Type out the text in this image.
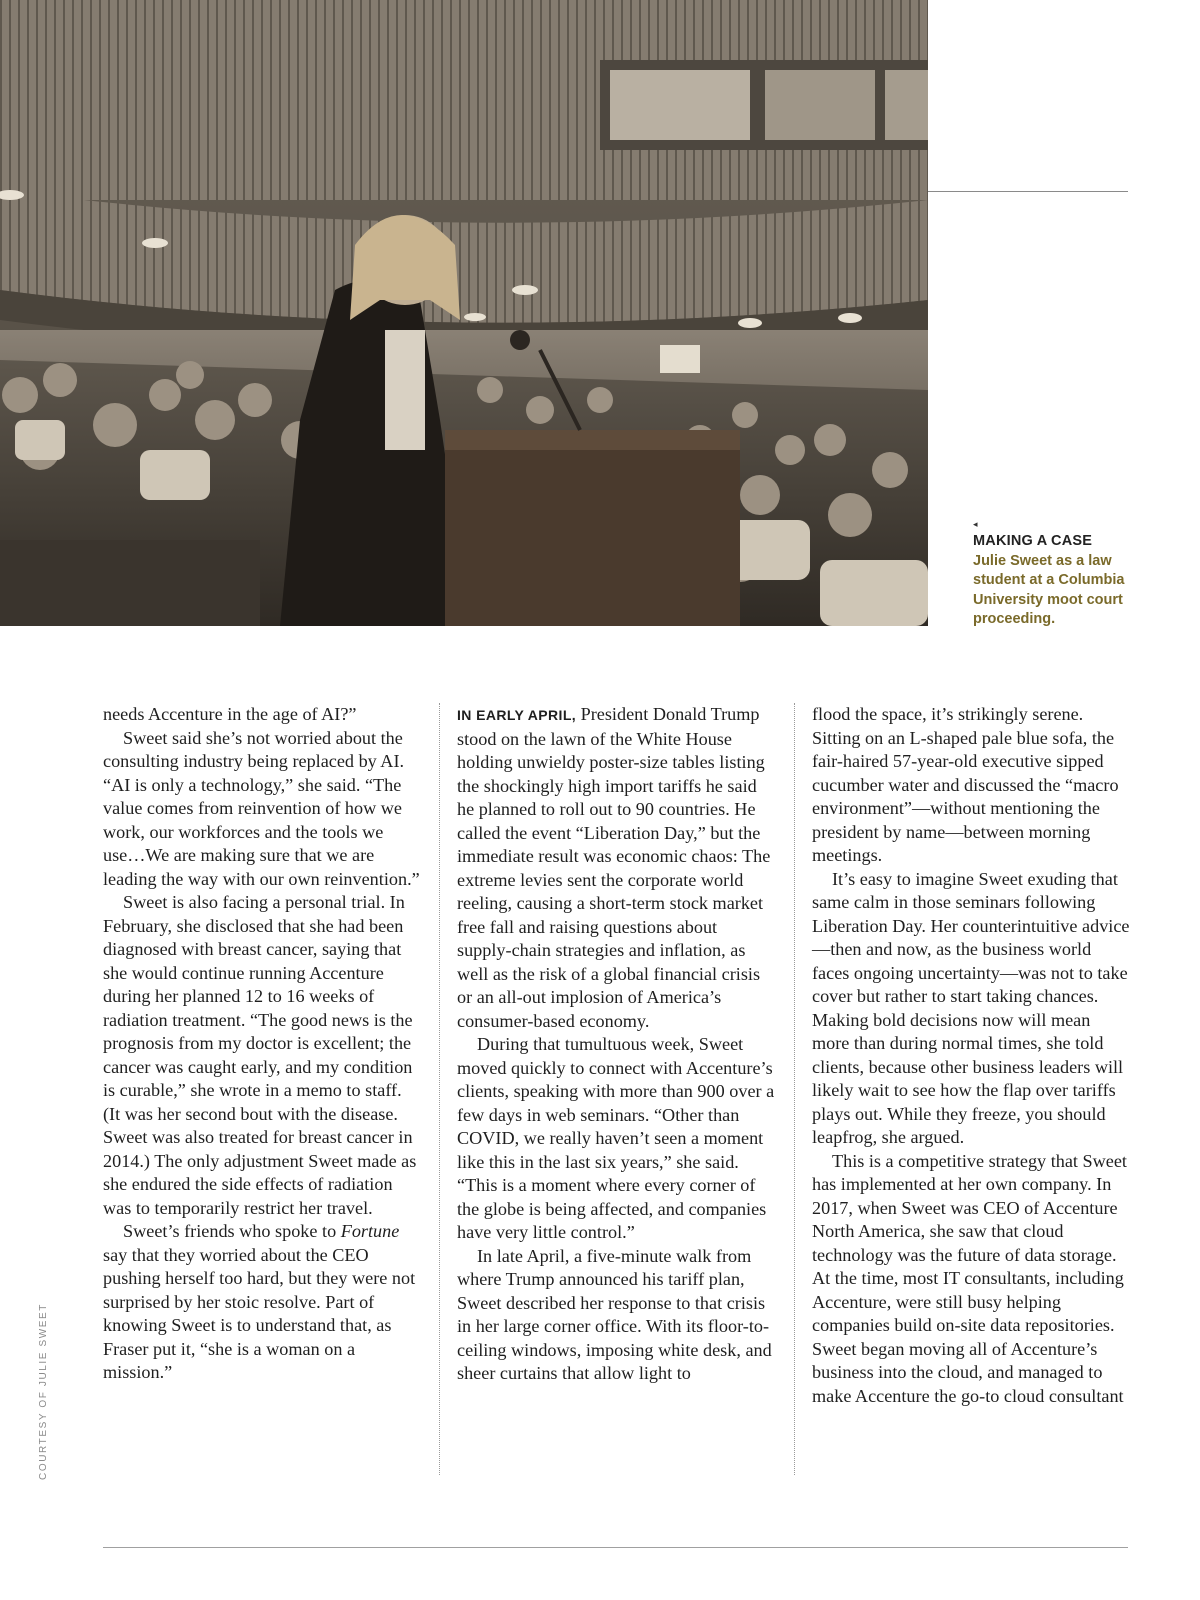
◂
MAKING A CASE
Julie Sweet as a law student at a Columbia University moot court proceeding.
COURTESY OF JULIE SWEET

needs Accenture in the age of AI?”

Sweet said she’s not worried about the consulting industry being replaced by AI. “AI is only a technology,” she said. “The value comes from reinvention of how we work, our workforces and the tools we use…We are making sure that we are leading the way with our own reinvention.”

Sweet is also facing a personal trial. In February, she disclosed that she had been diagnosed with breast cancer, saying that she would continue running Accenture during her planned 12 to 16 weeks of radiation treatment. “The good news is the prognosis from my doctor is excellent; the cancer was caught early, and my condition is curable,” she wrote in a memo to staff. (It was her second bout with the disease. Sweet was also treated for breast cancer in 2014.) The only adjustment Sweet made as she endured the side effects of radiation was to temporarily restrict her travel.

Sweet’s friends who spoke to Fortune say that they worried about the CEO pushing herself too hard, but they were not surprised by her stoic resolve. Part of knowing Sweet is to understand that, as Fraser put it, “she is a woman on a mission.”

IN EARLY APRIL, President Donald Trump stood on the lawn of the White House holding unwieldy poster-size tables listing the shockingly high import tariffs he said he planned to roll out to 90 countries. He called the event “Liberation Day,” but the immediate result was economic chaos: The extreme levies sent the corporate world reeling, causing a short-term stock market free fall and raising questions about supply-chain strategies and inflation, as well as the risk of a global financial crisis or an all-out implosion of America’s consumer-based economy.

During that tumultuous week, Sweet moved quickly to connect with Accenture’s clients, speaking with more than 900 over a few days in web seminars. “Other than COVID, we really haven’t seen a moment like this in the last six years,” she said. “This is a moment where every corner of the globe is being affected, and companies have very little control.”

In late April, a five-minute walk from where Trump announced his tariff plan, Sweet described her response to that crisis in her large corner office. With its floor-to-ceiling windows, imposing white desk, and sheer curtains that allow light to

flood the space, it’s strikingly serene. Sitting on an L-shaped pale blue sofa, the fair-haired 57-year-old executive sipped cucumber water and discussed the “macro environment”—without mentioning the president by name—between morning meetings.

It’s easy to imagine Sweet exuding that same calm in those seminars following Liberation Day. Her counterintuitive advice—then and now, as the business world faces ongoing uncertainty—was not to take cover but rather to start taking chances. Making bold decisions now will mean more than during normal times, she told clients, because other business leaders will likely wait to see how the flap over tariffs plays out. While they freeze, you should leapfrog, she argued.

This is a competitive strategy that Sweet has implemented at her own company. In 2017, when Sweet was CEO of Accenture North America, she saw that cloud technology was the future of data storage. At the time, most IT consultants, including Accenture, were still busy helping companies build on-site data repositories. Sweet began moving all of Accenture’s business into the cloud, and managed to make Accenture the go-to cloud consultant
